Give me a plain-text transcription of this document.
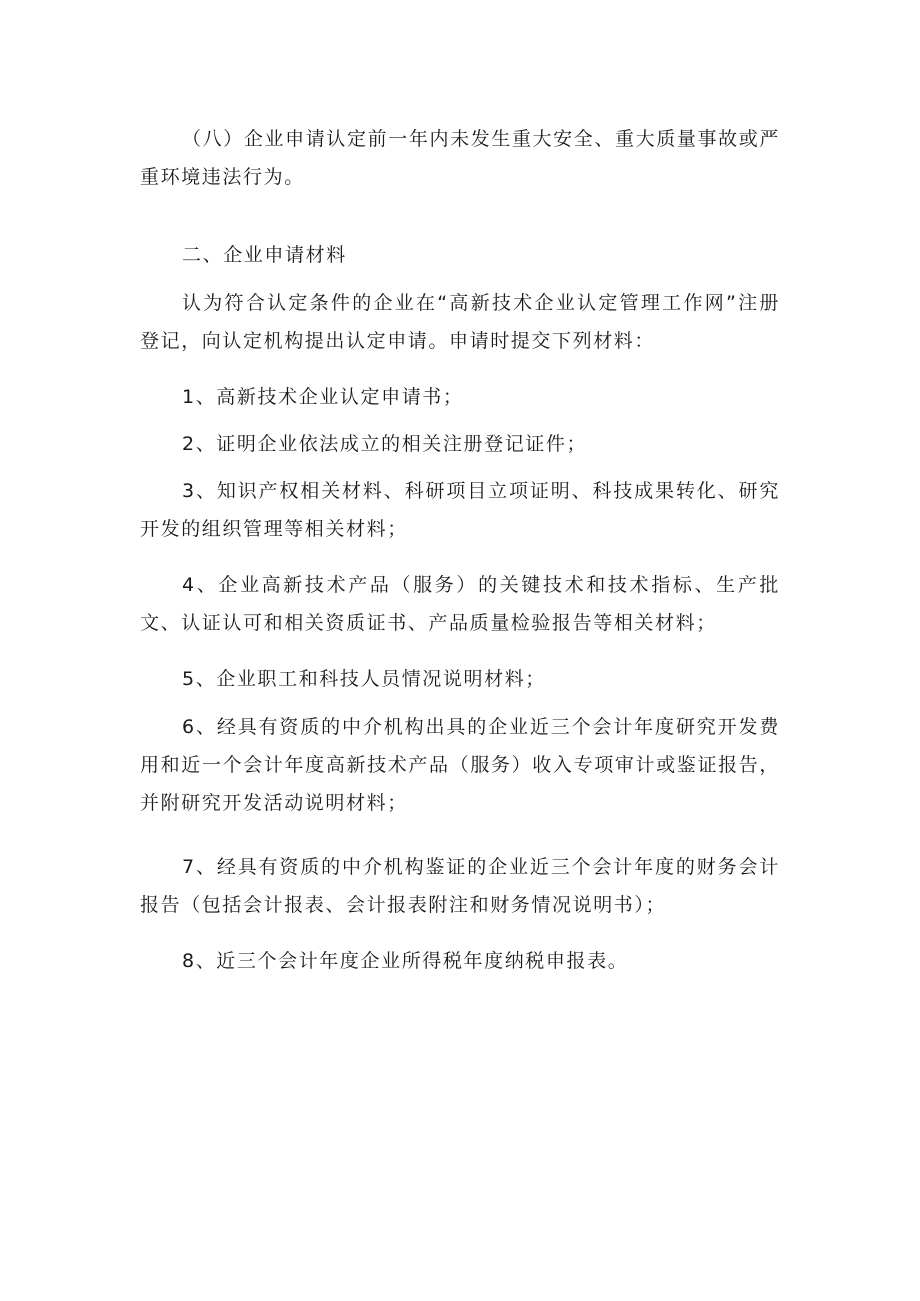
（八）企业申请认定前一年内未发生重大安全、重大质量事故或严重环境违法行为。

二、企业申请材料

认为符合认定条件的企业在“高新技术企业认定管理工作网”注册登记，向认定机构提出认定申请。申请时提交下列材料：

1、高新技术企业认定申请书；

2、证明企业依法成立的相关注册登记证件；

3、知识产权相关材料、科研项目立项证明、科技成果转化、研究开发的组织管理等相关材料；

4、企业高新技术产品（服务）的关键技术和技术指标、生产批文、认证认可和相关资质证书、产品质量检验报告等相关材料；

5、企业职工和科技人员情况说明材料；

6、经具有资质的中介机构出具的企业近三个会计年度研究开发费用和近一个会计年度高新技术产品（服务）收入专项审计或鉴证报告，并附研究开发活动说明材料；

7、经具有资质的中介机构鉴证的企业近三个会计年度的财务会计报告（包括会计报表、会计报表附注和财务情况说明书）；

8、近三个会计年度企业所得税年度纳税申报表。
